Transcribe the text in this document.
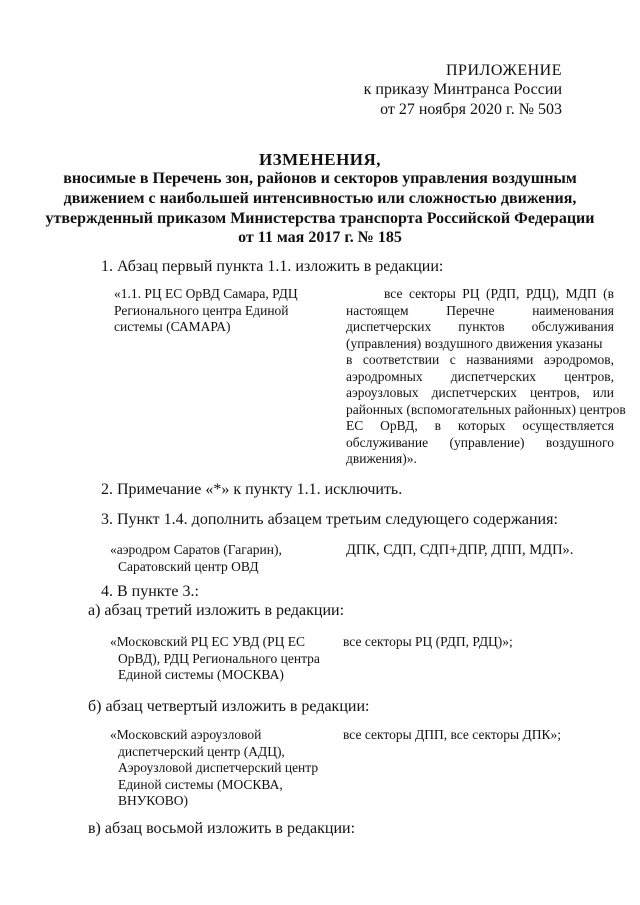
ПРИЛОЖЕНИЕ
к приказу Минтранса России
от 27 ноября 2020 г. № 503
ИЗМЕНЕНИЯ,
вносимые в Перечень зон, районов и секторов управления воздушным
движением с наибольшей интенсивностью или сложностью движения,
утвержденный приказом Министерства транспорта Российской Федерации
от 11 мая 2017 г. № 185
1. Абзац первый пункта 1.1. изложить в редакции:
«1.1. РЦ ЕС ОрВД Самара, РДЦ
Регионального центра Единой
системы (САМАРА)
все секторы РЦ (РДП, РДЦ), МДП (в
настоящем Перечне наименования
диспетчерских пунктов обслуживания
(управления) воздушного движения указаны
в соответствии с названиями аэродромов,
аэродромных диспетчерских центров,
аэроузловых диспетчерских центров, или
районных (вспомогательных районных) центров
ЕС ОрВД, в которых осуществляется
обслуживание (управление) воздушного
движения)».
2. Примечание «*» к пункту 1.1. исключить.
3. Пункт 1.4. дополнить абзацем третьим следующего содержания:
«аэродром Саратов (Гагарин),
Саратовский центр ОВД
ДПК, СДП, СДП+ДПР, ДПП, МДП».
4. В пункте 3.:
а) абзац третий изложить в редакции:
«Московский РЦ ЕС УВД (РЦ ЕС
ОрВД), РДЦ Регионального центра
Единой системы (МОСКВА)
все секторы РЦ (РДП, РДЦ)»;
б) абзац четвертый изложить в редакции:
«Московский аэроузловой
диспетчерский центр (АДЦ),
Аэроузловой диспетчерский центр
Единой системы (МОСКВА,
ВНУКОВО)
все секторы ДПП, все секторы ДПК»;
в) абзац восьмой изложить в редакции:
